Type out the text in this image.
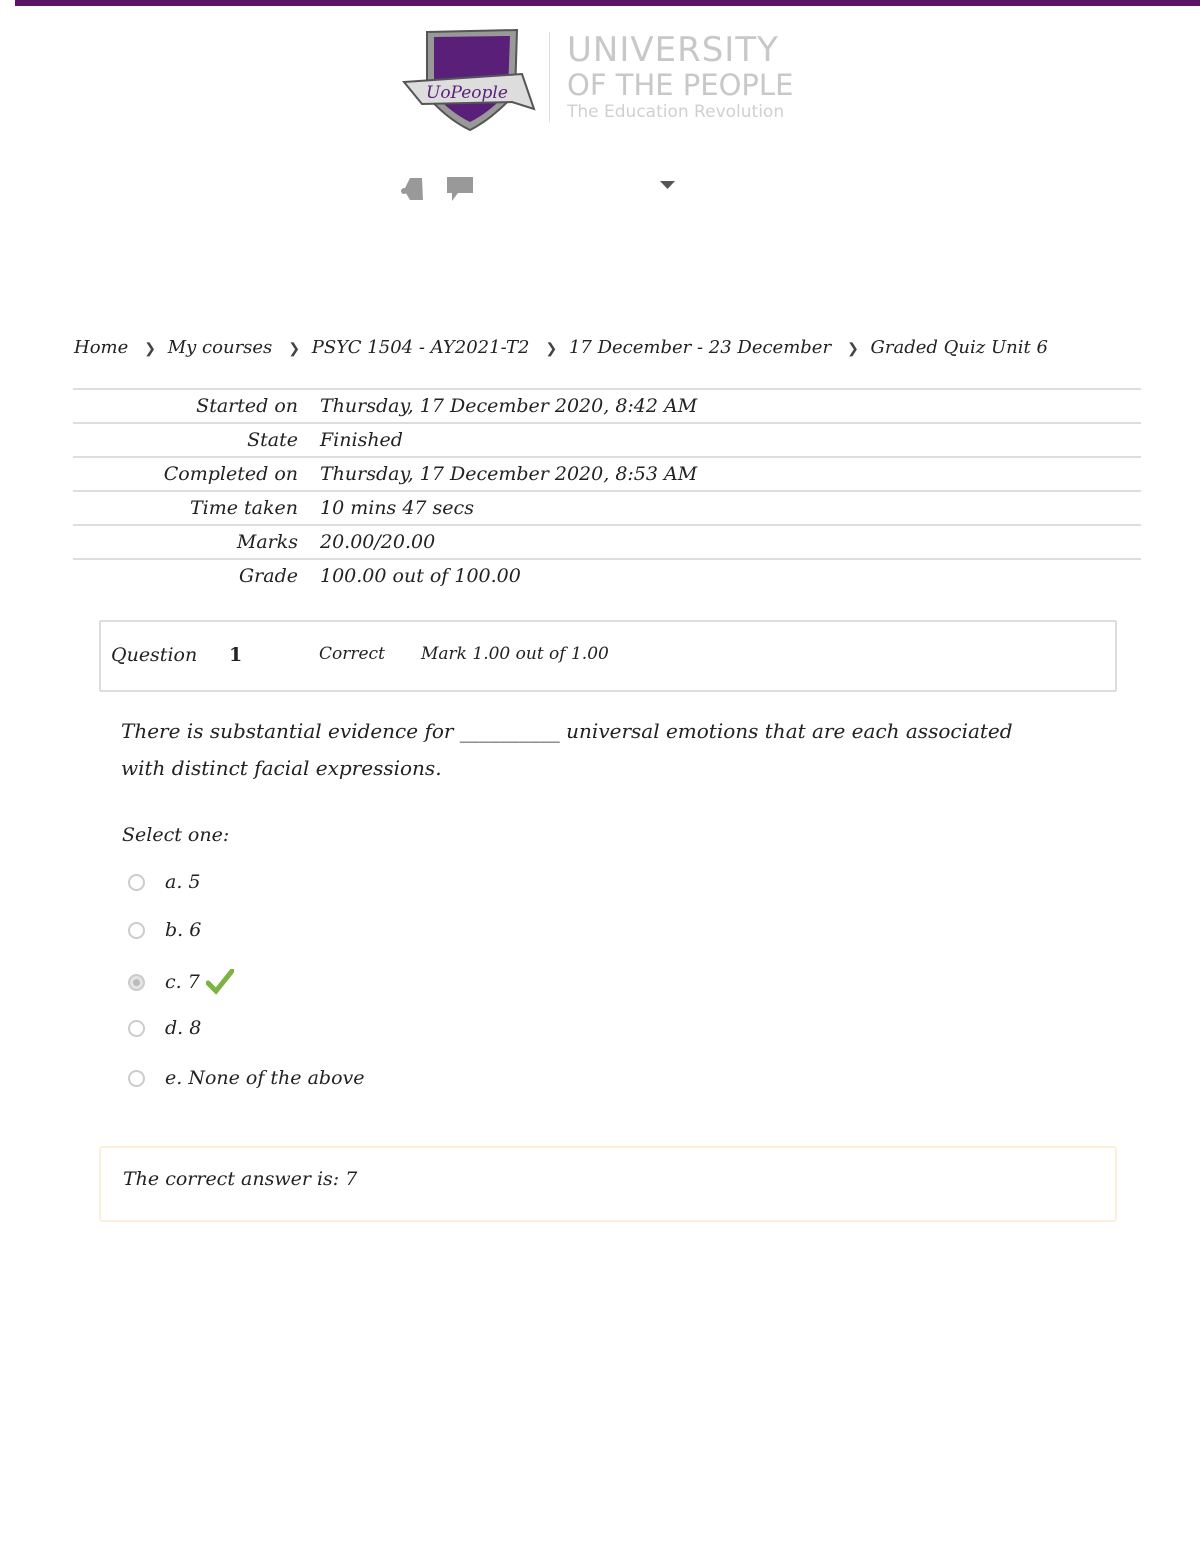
UoPeople
UNIVERSITY
OF THE PEOPLE
The Education Revolution
Home ❯ My courses ❯ PSYC 1504 - AY2021-T2 ❯ 17 December - 23 December ❯ Graded Quiz Unit 6
Started on	Thursday, 17 December 2020, 8:42 AM
State	Finished
Completed on	Thursday, 17 December 2020, 8:53 AM
Time taken	10 mins 47 secs
Marks	20.00/20.00
Grade	100.00 out of 100.00
Question 1	Correct Mark 1.00 out of 1.00
There is substantial evidence for __________ universal emotions that are each associated with distinct facial expressions.
Select one:
a. 5
b. 6
c. 7
d. 8
e. None of the above
The correct answer is: 7
